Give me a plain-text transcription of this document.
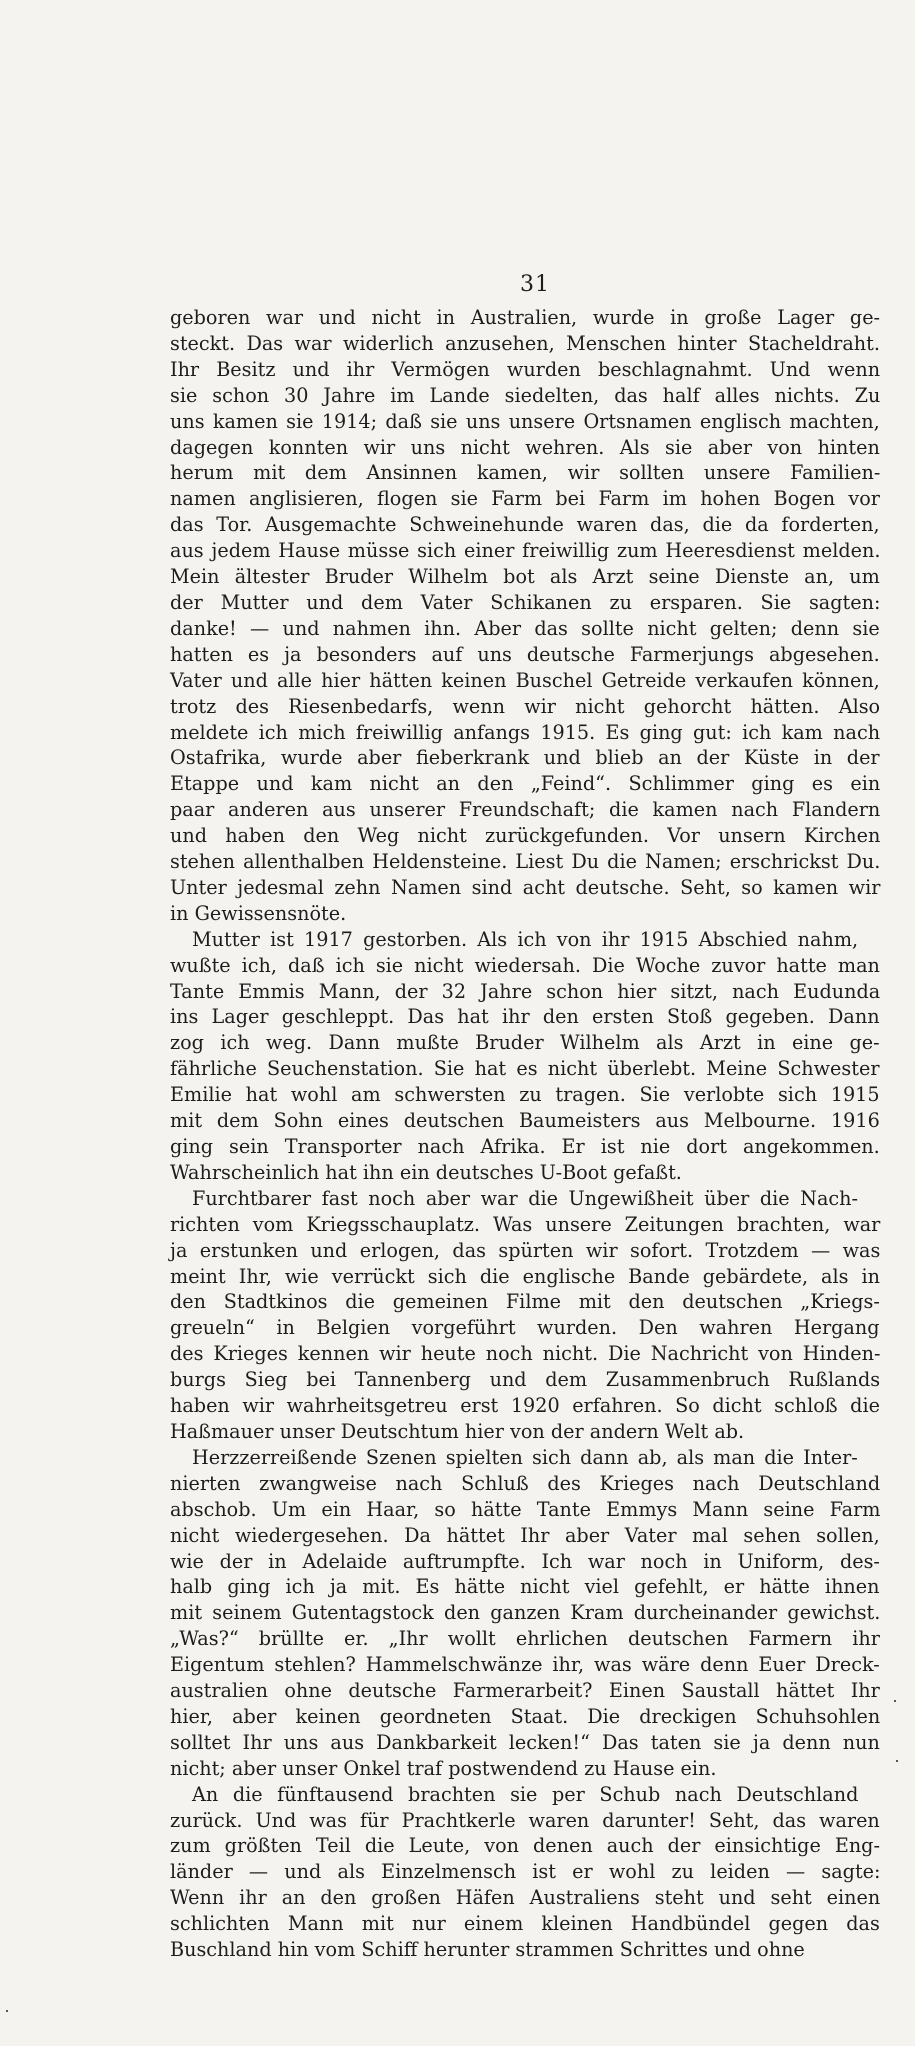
31
geboren war und nicht in Australien, wurde in große Lager ge-
steckt. Das war widerlich anzusehen, Menschen hinter Stacheldraht.
Ihr Besitz und ihr Vermögen wurden beschlagnahmt. Und wenn
sie schon 30 Jahre im Lande siedelten, das half alles nichts. Zu
uns kamen sie 1914; daß sie uns unsere Ortsnamen englisch machten,
dagegen konnten wir uns nicht wehren. Als sie aber von hinten
herum mit dem Ansinnen kamen, wir sollten unsere Familien-
namen anglisieren, flogen sie Farm bei Farm im hohen Bogen vor
das Tor. Ausgemachte Schweinehunde waren das, die da forderten,
aus jedem Hause müsse sich einer freiwillig zum Heeresdienst melden.
Mein ältester Bruder Wilhelm bot als Arzt seine Dienste an, um
der Mutter und dem Vater Schikanen zu ersparen. Sie sagten:
danke! — und nahmen ihn. Aber das sollte nicht gelten; denn sie
hatten es ja besonders auf uns deutsche Farmerjungs abgesehen.
Vater und alle hier hätten keinen Buschel Getreide verkaufen können,
trotz des Riesenbedarfs, wenn wir nicht gehorcht hätten. Also
meldete ich mich freiwillig anfangs 1915. Es ging gut: ich kam nach
Ostafrika, wurde aber fieberkrank und blieb an der Küste in der
Etappe und kam nicht an den „Feind“. Schlimmer ging es ein
paar anderen aus unserer Freundschaft; die kamen nach Flandern
und haben den Weg nicht zurückgefunden. Vor unsern Kirchen
stehen allenthalben Heldensteine. Liest Du die Namen; erschrickst Du.
Unter jedesmal zehn Namen sind acht deutsche. Seht, so kamen wir
in Gewissensnöte.
Mutter ist 1917 gestorben. Als ich von ihr 1915 Abschied nahm,
wußte ich, daß ich sie nicht wiedersah. Die Woche zuvor hatte man
Tante Emmis Mann, der 32 Jahre schon hier sitzt, nach Eudunda
ins Lager geschleppt. Das hat ihr den ersten Stoß gegeben. Dann
zog ich weg. Dann mußte Bruder Wilhelm als Arzt in eine ge-
fährliche Seuchenstation. Sie hat es nicht überlebt. Meine Schwester
Emilie hat wohl am schwersten zu tragen. Sie verlobte sich 1915
mit dem Sohn eines deutschen Baumeisters aus Melbourne. 1916
ging sein Transporter nach Afrika. Er ist nie dort angekommen.
Wahrscheinlich hat ihn ein deutsches U-Boot gefaßt.
Furchtbarer fast noch aber war die Ungewißheit über die Nach-
richten vom Kriegsschauplatz. Was unsere Zeitungen brachten, war
ja erstunken und erlogen, das spürten wir sofort. Trotzdem — was
meint Ihr, wie verrückt sich die englische Bande gebärdete, als in
den Stadtkinos die gemeinen Filme mit den deutschen „Kriegs-
greueln“ in Belgien vorgeführt wurden. Den wahren Hergang
des Krieges kennen wir heute noch nicht. Die Nachricht von Hinden-
burgs Sieg bei Tannenberg und dem Zusammenbruch Rußlands
haben wir wahrheitsgetreu erst 1920 erfahren. So dicht schloß die
Haßmauer unser Deutschtum hier von der andern Welt ab.
Herzzerreißende Szenen spielten sich dann ab, als man die Inter-
nierten zwangweise nach Schluß des Krieges nach Deutschland
abschob. Um ein Haar, so hätte Tante Emmys Mann seine Farm
nicht wiedergesehen. Da hättet Ihr aber Vater mal sehen sollen,
wie der in Adelaide auftrumpfte. Ich war noch in Uniform, des-
halb ging ich ja mit. Es hätte nicht viel gefehlt, er hätte ihnen
mit seinem Gutentagstock den ganzen Kram durcheinander gewichst.
„Was?“ brüllte er. „Ihr wollt ehrlichen deutschen Farmern ihr
Eigentum stehlen? Hammelschwänze ihr, was wäre denn Euer Dreck-
australien ohne deutsche Farmerarbeit? Einen Saustall hättet Ihr
hier, aber keinen geordneten Staat. Die dreckigen Schuhsohlen
solltet Ihr uns aus Dankbarkeit lecken!“ Das taten sie ja denn nun
nicht; aber unser Onkel traf postwendend zu Hause ein.
An die fünftausend brachten sie per Schub nach Deutschland
zurück. Und was für Prachtkerle waren darunter! Seht, das waren
zum größten Teil die Leute, von denen auch der einsichtige Eng-
länder — und als Einzelmensch ist er wohl zu leiden — sagte:
Wenn ihr an den großen Häfen Australiens steht und seht einen
schlichten Mann mit nur einem kleinen Handbündel gegen das
Buschland hin vom Schiff herunter strammen Schrittes und ohne
